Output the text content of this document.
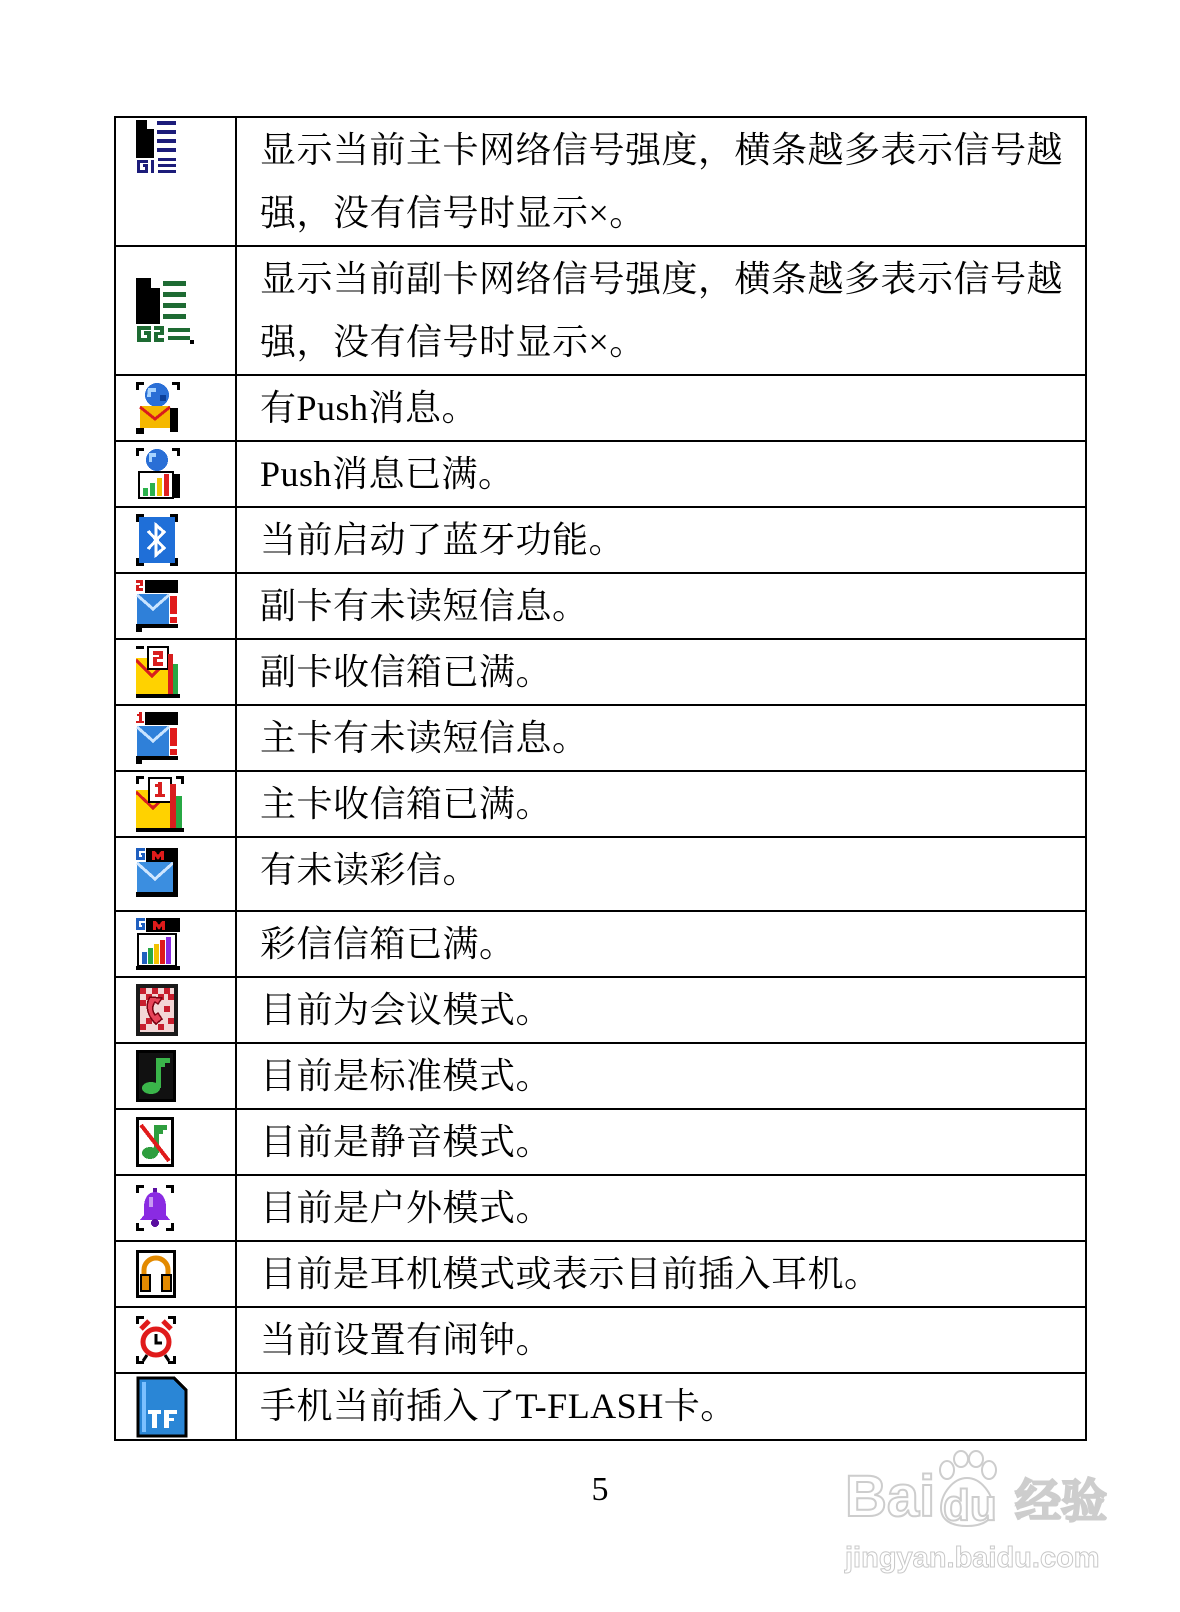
	显示当前主卡网络信号强度，横条越多表示信号越强，没有信号时显示×。

	显示当前副卡网络信号强度，横条越多表示信号越强，没有信号时显示×。

	有Push消息。

	Push消息已满。

	当前启动了蓝牙功能。

	副卡有未读短信息。

	副卡收信箱已满。

	主卡有未读短信息。

	主卡收信箱已满。

	有未读彩信。

	彩信信箱已满。

	目前为会议模式。

	目前是标准模式。

	目前是静音模式。

	目前是户外模式。

	目前是耳机模式或表示目前插入耳机。

	当前设置有闹钟。

	手机当前插入了T-FLASH卡。
5	Bai du 经验
jingyan.baidu.com
